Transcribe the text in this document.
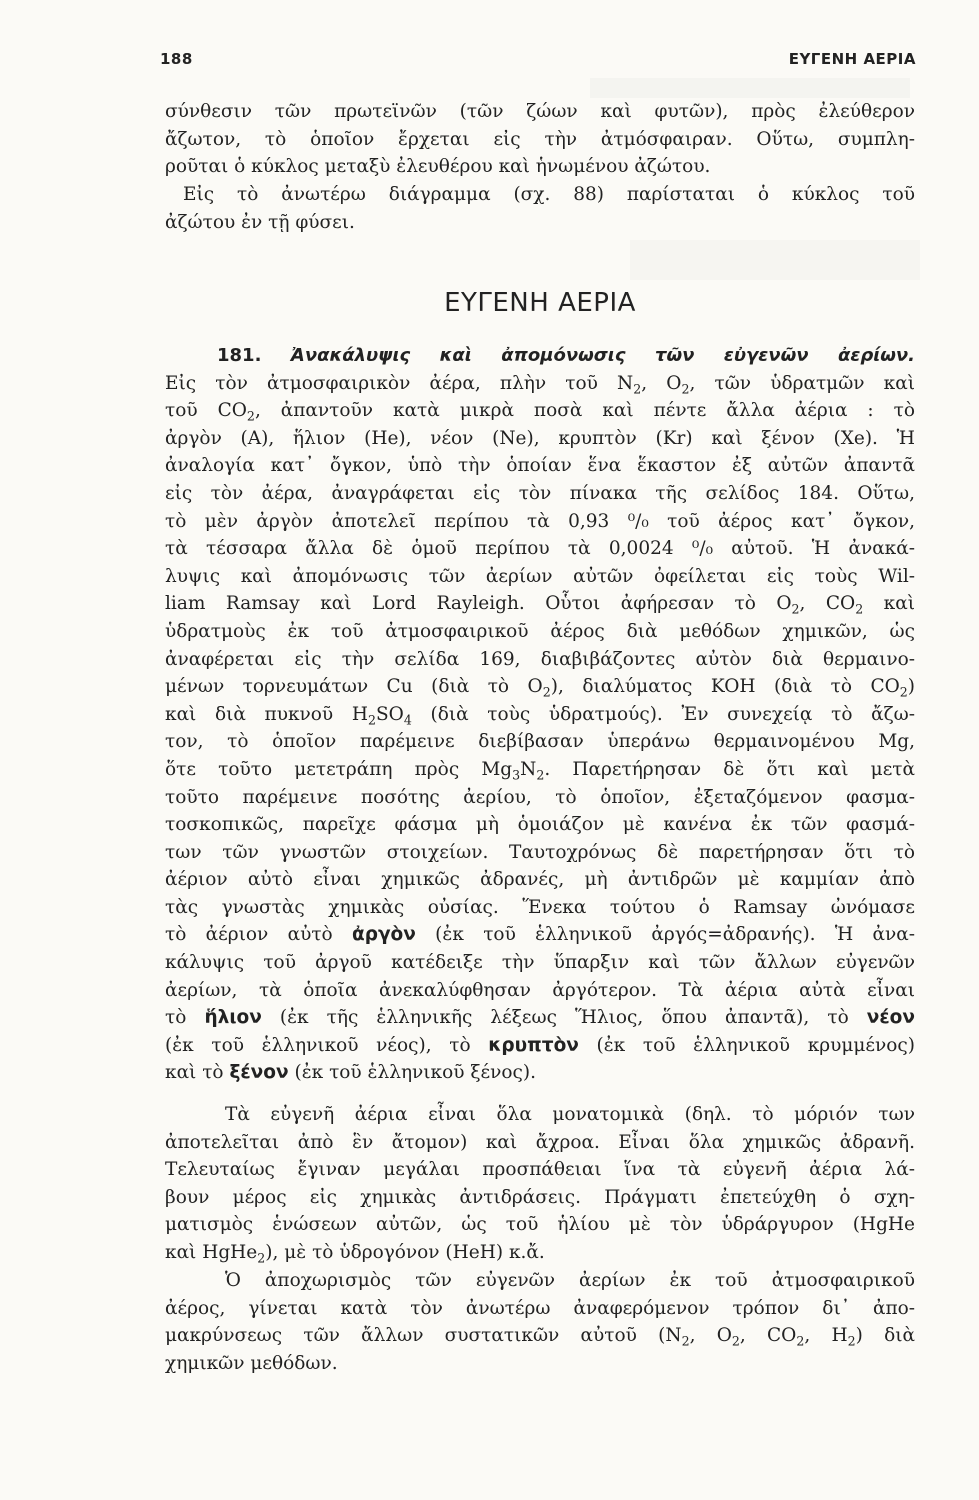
188	ΕΥΓΕΝΗ ΑΕΡΙΑ
σύνθεσιν τῶν πρωτεϊνῶν (τῶν ζώων καὶ φυτῶν), πρὸς ἐλεύθερον
ἄζωτον, τὸ ὁποῖον ἔρχεται εἰς τὴν ἀτμόσφαιραν. Οὕτω, συμπλη-
ροῦται ὁ κύκλος μεταξὺ ἐλευθέρου καὶ ἡνωμένου ἀζώτου.
Εἰς τὸ ἀνωτέρω διάγραμμα (σχ. 88) παρίσταται ὁ κύκλος τοῦ
ἀζώτου ἐν τῇ φύσει.
ΕΥΓΕΝΗ ΑΕΡΙΑ
181. Ἀνακάλυψις καὶ ἀπομόνωσις τῶν εὐγενῶν ἀερίων.
Εἰς τὸν ἀτμοσφαιρικὸν ἀέρα, πλὴν τοῦ $N_2$, $O_2$, τῶν ὑδρατμῶν καὶ
τοῦ $CO_2$, ἀπαντοῦν κατὰ μικρὰ ποσὰ καὶ πέντε ἄλλα ἀέρια : τὸ
ἀργὸν (A), ἥλιον (He), νέον (Ne), κρυπτὸν (Kr) καὶ ξένον (Xe). Ἡ
ἀναλογία κατ᾿ ὄγκον, ὑπὸ τὴν ὁποίαν ἕνα ἕκαστον ἐξ αὐτῶν ἀπαντᾶ
εἰς τὸν ἀέρα, ἀναγράφεται εἰς τὸν πίνακα τῆς σελίδος 184. Οὕτω,
τὸ μὲν ἀργὸν ἀποτελεῖ περίπου τὰ 0,93 ⁰/₀ τοῦ ἀέρος κατ᾿ ὄγκον,
τὰ τέσσαρα ἄλλα δὲ ὁμοῦ περίπου τὰ 0,0024 ⁰/₀ αὐτοῦ. Ἡ ἀνακά-
λυψις καὶ ἀπομόνωσις τῶν ἀερίων αὐτῶν ὀφείλεται εἰς τοὺς Wil-
liam Ramsay καὶ Lord Rayleigh. Οὗτοι ἀφήρεσαν τὸ $O_2$, $CO_2$ καὶ
ὑδρατμοὺς ἐκ τοῦ ἀτμοσφαιρικοῦ ἀέρος διὰ μεθόδων χημικῶν, ὡς
ἀναφέρεται εἰς τὴν σελίδα 169, διαβιβάζοντες αὐτὸν διὰ θερμαινο-
μένων τορνευμάτων Cu (διὰ τὸ $O_2$), διαλύματος KOH (διὰ τὸ $CO_2$)
καὶ διὰ πυκνοῦ $H_2SO_4$ (διὰ τοὺς ὑδρατμούς). Ἐν συνεχείᾳ τὸ ἄζω-
τον, τὸ ὁποῖον παρέμεινε διεβίβασαν ὑπεράνω θερμαινομένου Mg,
ὅτε τοῦτο μετετράπη πρὸς $Mg_3N_2$. Παρετήρησαν δὲ ὅτι καὶ μετὰ
τοῦτο παρέμεινε ποσότης ἀερίου, τὸ ὁποῖον, ἐξεταζόμενον φασμα-
τοσκοπικῶς, παρεῖχε φάσμα μὴ ὁμοιάζον μὲ κανένα ἐκ τῶν φασμά-
των τῶν γνωστῶν στοιχείων. Ταυτοχρόνως δὲ παρετήρησαν ὅτι τὸ
ἀέριον αὐτὸ εἶναι χημικῶς ἀδρανές, μὴ ἀντιδρῶν μὲ καμμίαν ἀπὸ
τὰς γνωστὰς χημικὰς οὐσίας. Ἕνεκα τούτου ὁ Ramsay ὠνόμασε
τὸ ἀέριον αὐτὸ ἀργὸν (ἐκ τοῦ ἑλληνικοῦ ἀργός=ἀδρανής). Ἡ ἀνα-
κάλυψις τοῦ ἀργοῦ κατέδειξε τὴν ὕπαρξιν καὶ τῶν ἄλλων εὐγενῶν
ἀερίων, τὰ ὁποῖα ἀνεκαλύφθησαν ἀργότερον. Τὰ ἀέρια αὐτὰ εἶναι
τὸ ἥλιον (ἐκ τῆς ἑλληνικῆς λέξεως Ἥλιος, ὅπου ἀπαντᾶ), τὸ νέον
(ἐκ τοῦ ἑλληνικοῦ νέος), τὸ κρυπτὸν (ἐκ τοῦ ἑλληνικοῦ κρυμμένος)
καὶ τὸ ξένον (ἐκ τοῦ ἑλληνικοῦ ξένος).
Τὰ εὐγενῆ ἀέρια εἶναι ὅλα μονατομικὰ (δηλ. τὸ μόριόν των
ἀποτελεῖται ἀπὸ ἓν ἄτομον) καὶ ἄχροα. Εἶναι ὅλα χημικῶς ἀδρανῆ.
Τελευταίως ἔγιναν μεγάλαι προσπάθειαι ἵνα τὰ εὐγενῆ ἀέρια λά-
βουν μέρος εἰς χημικὰς ἀντιδράσεις. Πράγματι ἐπετεύχθη ὁ σχη-
ματισμὸς ἑνώσεων αὐτῶν, ὡς τοῦ ἡλίου μὲ τὸν ὑδράργυρον (HgHe
καὶ HgHe$_2$), μὲ τὸ ὑδρογόνον (HeH) κ.ἄ.
Ὁ ἀποχωρισμὸς τῶν εὐγενῶν ἀερίων ἐκ τοῦ ἀτμοσφαιρικοῦ
ἀέρος, γίνεται κατὰ τὸν ἀνωτέρω ἀναφερόμενον τρόπον δι᾿ ἀπο-
μακρύνσεως τῶν ἄλλων συστατικῶν αὐτοῦ ($N_2$, $O_2$, $CO_2$, $H_2$) διὰ
χημικῶν μεθόδων.
